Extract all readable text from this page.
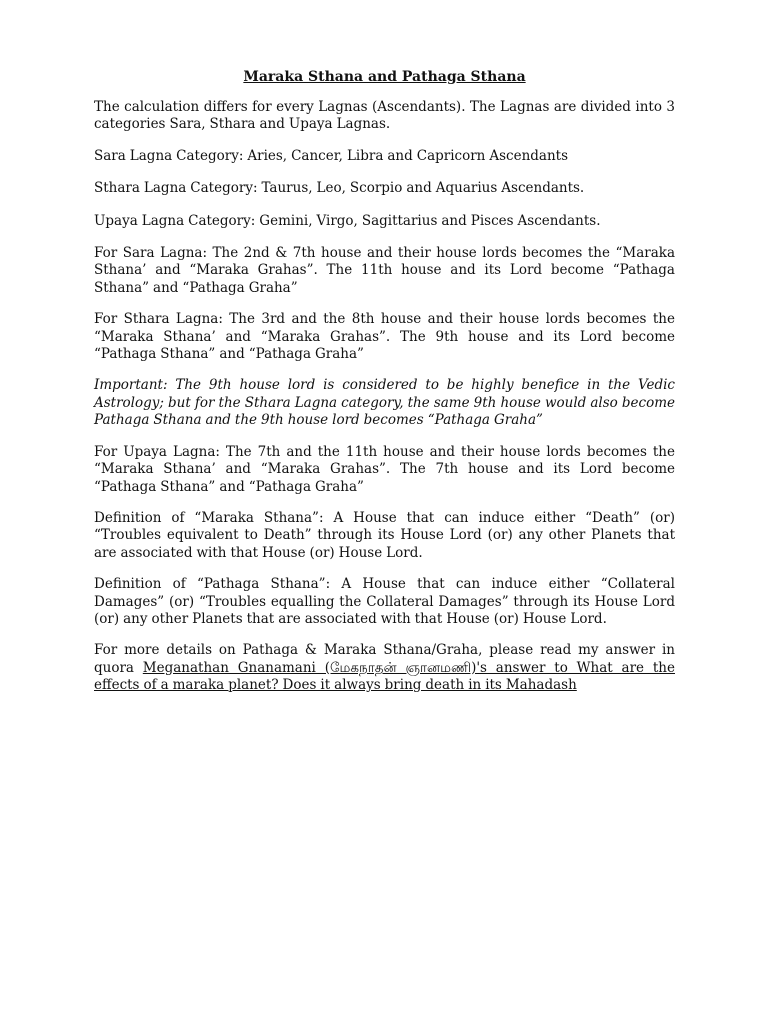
Maraka Sthana and Pathaga Sthana

The calculation differs for every Lagnas (Ascendants). The Lagnas are divided into 3 categories Sara, Sthara and Upaya Lagnas.

Sara Lagna Category: Aries, Cancer, Libra and Capricorn Ascendants

Sthara Lagna Category: Taurus, Leo, Scorpio and Aquarius Ascendants.

Upaya Lagna Category: Gemini, Virgo, Sagittarius and Pisces Ascendants.

For Sara Lagna: The 2nd & 7th house and their house lords becomes the “Maraka Sthana’ and “Maraka Grahas”. The 11th house and its Lord become “Pathaga Sthana” and “Pathaga Graha”

For Sthara Lagna: The 3rd and the 8th house and their house lords becomes the “Maraka Sthana’ and “Maraka Grahas”. The 9th house and its Lord become “Pathaga Sthana” and “Pathaga Graha”

Important: The 9th house lord is considered to be highly benefice in the Vedic Astrology; but for the Sthara Lagna category, the same 9th house would also become Pathaga Sthana and the 9th house lord becomes “Pathaga Graha”

For Upaya Lagna: The 7th and the 11th house and their house lords becomes the “Maraka Sthana’ and “Maraka Grahas”. The 7th house and its Lord become “Pathaga Sthana” and “Pathaga Graha”

Definition of “Maraka Sthana”: A House that can induce either “Death” (or) “Troubles equivalent to Death” through its House Lord (or) any other Planets that are associated with that House (or) House Lord.

Definition of “Pathaga Sthana”: A House that can induce either “Collateral Damages” (or) “Troubles equalling the Collateral Damages” through its House Lord (or) any other Planets that are associated with that House (or) House Lord.

For more details on Pathaga & Maraka Sthana/Graha, please read my answer in quora Meganathan Gnanamani (மேகநாதன் ஞானமணி)'s answer to What are the effects of a maraka planet? Does it always bring death in its Mahadash
